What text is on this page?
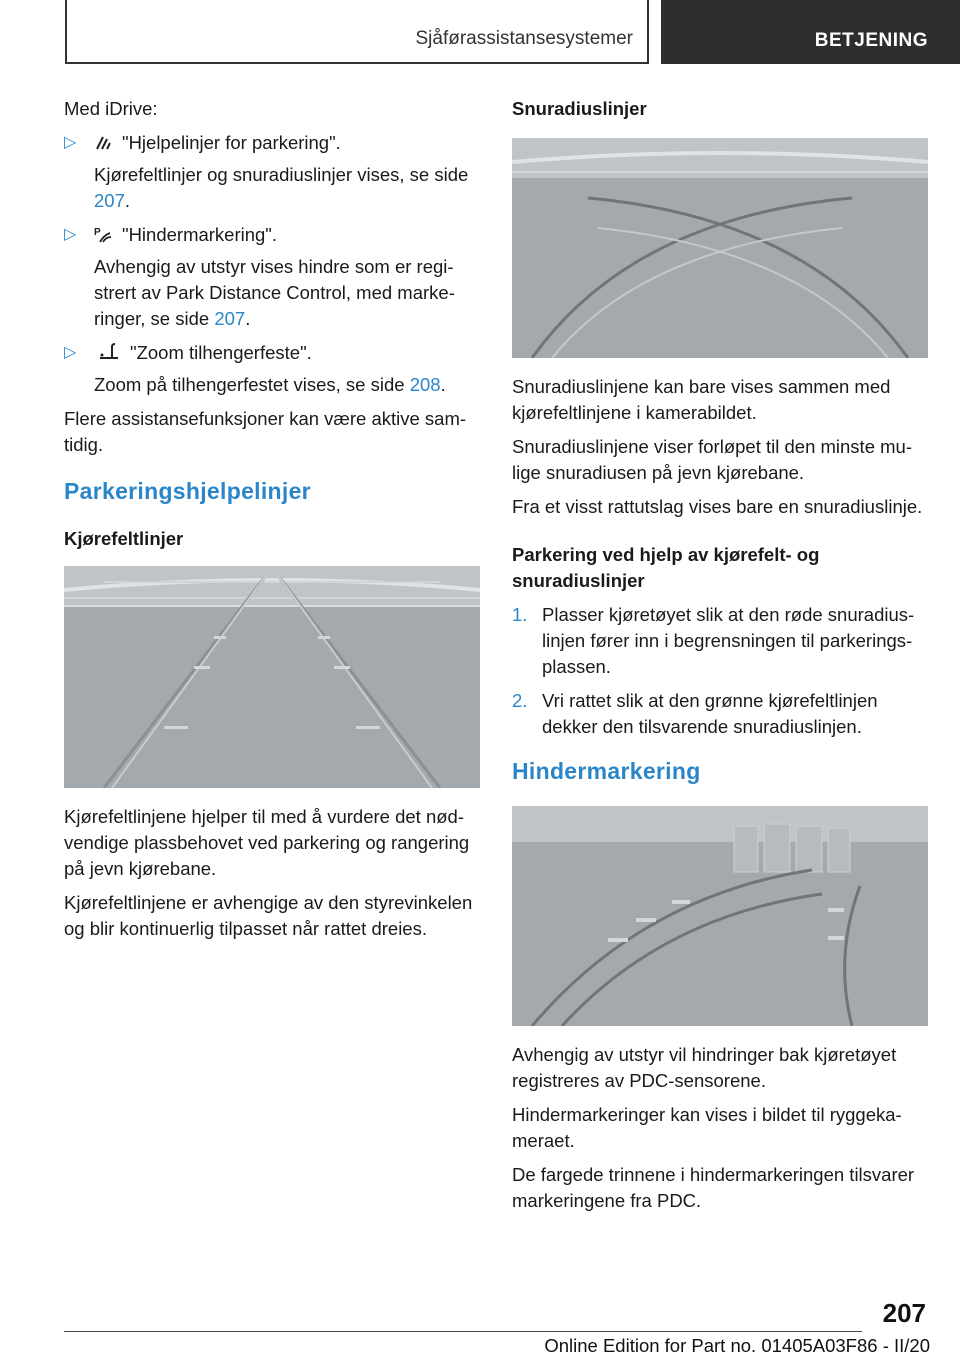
Sjåførassistansesystemer	BETJENING

Med iDrive:

▷ "Hjelpelinjer for parkering".

Kjørefeltlinjer og snuradiuslinjer vises, se side 207.

▷ P "Hindermarkering".

Avhengig av utstyr vises hindre som er registrert av Park Distance Control, med markeringer, se side 207.

▷	"Zoom tilhengerfeste".

Zoom på tilhengerfestet vises, se side 208.

Flere assistansefunksjoner kan være aktive samtidig.

Parkeringshjelpelinjer
Kjørefeltlinjer

Kjørefeltlinjene hjelper til med å vurdere det nødvendige plassbehovet ved parkering og rangering på jevn kjørebane.

Kjørefeltlinjene er avhengige av den styrevinkelen og blir kontinuerlig tilpasset når rattet dreies.

Snuradiuslinjer

Snuradiuslinjene kan bare vises sammen med kjørefeltlinjene i kamerabildet.

Snuradiuslinjene viser forløpet til den minste mulige snuradiusen på jevn kjørebane.

Fra et visst rattutslag vises bare en snuradiuslinje.

Parkering ved hjelp av kjørefelt- og snuradiuslinjer
1. Plasser kjøretøyet slik at den røde snuradiuslinjen fører inn i begrensningen til parkeringsplassen.
2. Vri rattet slik at den grønne kjørefeltlinjen dekker den tilsvarende snuradiuslinjen.
Hindermarkering

Avhengig av utstyr vil hindringer bak kjøretøyet registreres av PDC-sensorene.

Hindermarkeringer kan vises i bildet til ryggekameraet.

De fargede trinnene i hindermarkeringen tilsvarer markeringene fra PDC.

207
Online Edition for Part no. 01405A03F86 - II/20
